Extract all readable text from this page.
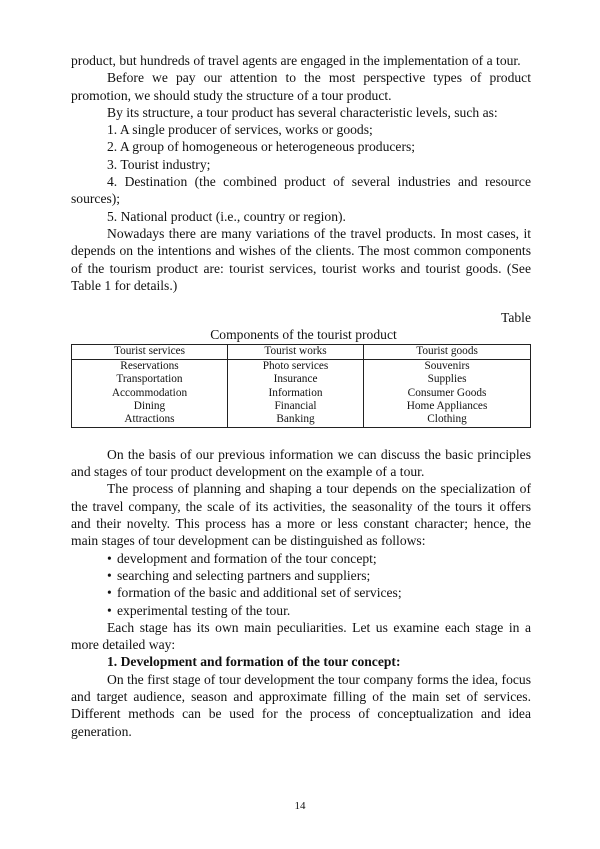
product, but hundreds of travel agents are engaged in the implementation of a tour.

Before we pay our attention to the most perspective types of product promotion, we should study the structure of a tour product.

By its structure, a tour product has several characteristic levels, such as:

1. A single producer of services, works or goods;

2. A group of homogeneous or heterogeneous producers;

3. Tourist industry;

4. Destination (the combined product of several industries and resource sources);

5. National product (i.e., country or region).

Nowadays there are many variations of the travel products. In most cases, it depends on the intentions and wishes of the clients. The most common components of the tourism product are: tourist services, tourist works and tourist goods. (See Table 1 for details.)

Table

Components of the tourist product

Tourist services	Tourist works	Tourist goods
Reservations	Photo services	Souvenirs
Transportation	Insurance	Supplies
Accommodation	Information	Consumer Goods
Dining	Financial	Home Appliances
Attractions	Banking	Clothing

On the basis of our previous information we can discuss the basic principles and stages of tour product development on the example of a tour.

The process of planning and shaping a tour depends on the specialization of the travel company, the scale of its activities, the seasonality of the tours it offers and their novelty. This process has a more or less constant character; hence, the main stages of tour development can be distinguished as follows:

• development and formation of the tour concept;

• searching and selecting partners and suppliers;

• formation of the basic and additional set of services;

• experimental testing of the tour.

Each stage has its own main peculiarities. Let us examine each stage in a more detailed way:

1. Development and formation of the tour concept:

On the first stage of tour development the tour company forms the idea, focus and target audience, season and approximate filling of the main set of services. Different methods can be used for the process of conceptualization and idea generation.

14
